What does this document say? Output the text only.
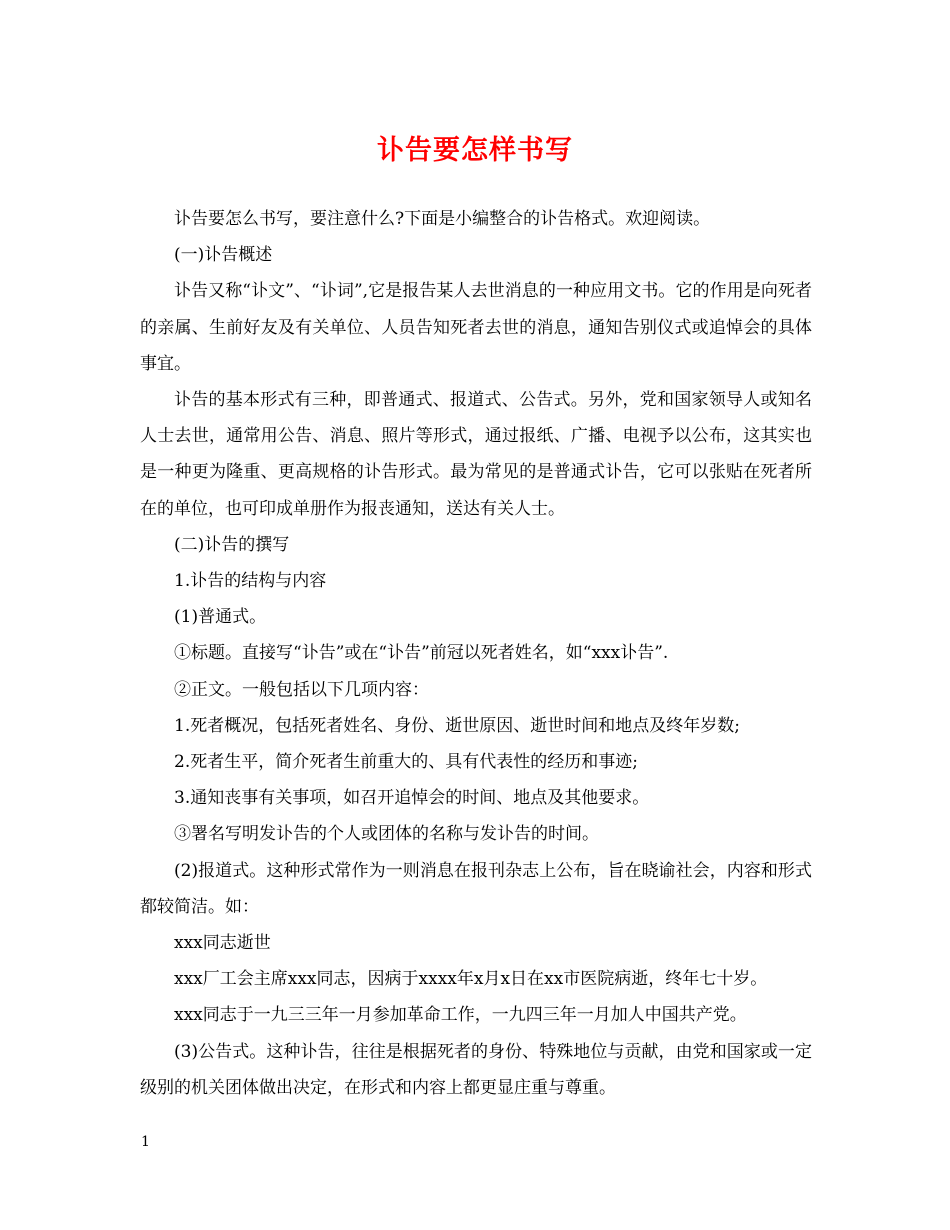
讣告要怎样书写

讣告要怎么书写，要注意什么?下面是小编整合的讣告格式。欢迎阅读。

(一)讣告概述

讣告又称“讣文”、“讣词”,它是报告某人去世消息的一种应用文书。它的作用是向死者的亲属、生前好友及有关单位、人员告知死者去世的消息，通知告别仪式或追悼会的具体事宜。

讣告的基本形式有三种，即普通式、报道式、公告式。另外，党和国家领导人或知名人士去世，通常用公告、消息、照片等形式，通过报纸、广播、电视予以公布，这其实也是一种更为隆重、更高规格的讣告形式。最为常见的是普通式讣告，它可以张贴在死者所在的单位，也可印成单册作为报丧通知，送达有关人士。

(二)讣告的撰写

1.讣告的结构与内容

(1)普通式。

①标题。直接写“讣告”或在“讣告”前冠以死者姓名，如“xxx讣告”.

②正文。一般包括以下几项内容：

1.死者概况，包括死者姓名、身份、逝世原因、逝世时间和地点及终年岁数;

2.死者生平，简介死者生前重大的、具有代表性的经历和事迹;

3.通知丧事有关事项，如召开追悼会的时间、地点及其他要求。

③署名写明发讣告的个人或团体的名称与发讣告的时间。

(2)报道式。这种形式常作为一则消息在报刊杂志上公布，旨在晓谕社会，内容和形式都较简洁。如：

xxx同志逝世

xxx厂工会主席xxx同志，因病于xxxx年x月x日在xx市医院病逝，终年七十岁。

xxx同志于一九三三年一月参加革命工作，一九四三年一月加人中国共产党。

(3)公告式。这种讣告，往往是根据死者的身份、特殊地位与贡献，由党和国家或一定级别的机关团体做出决定，在形式和内容上都更显庄重与尊重。

1
